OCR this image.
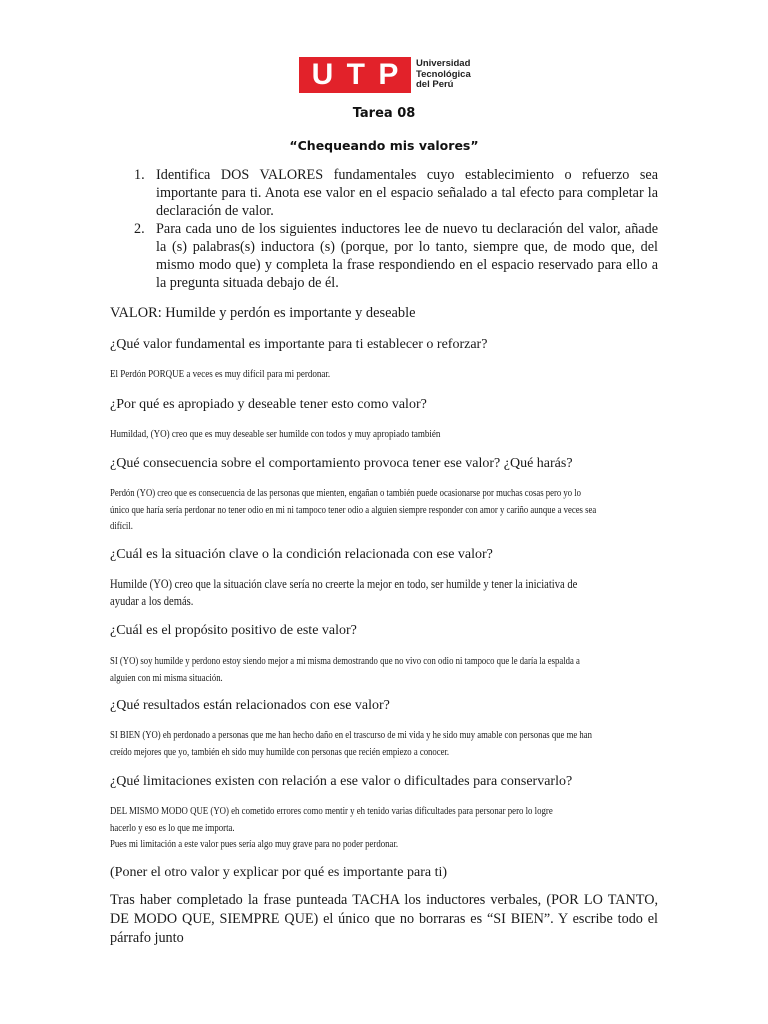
U T P Universidad
Tecnológica
del Perú
Tarea 08
“Chequeando mis valores”
1. Identifica DOS VALORES fundamentales cuyo establecimiento o refuerzo sea importante para ti. Anota ese valor en el espacio señalado a tal efecto para completar la declaración de valor.
2. Para cada uno de los siguientes inductores lee de nuevo tu declaración del valor, añade la (s) palabras(s) inductora (s) (porque, por lo tanto, siempre que, de modo que, del mismo modo que) y completa la frase respondiendo en el espacio reservado para ello a la pregunta situada debajo de él.
VALOR: Humilde y perdón es importante y deseable
¿Qué valor fundamental es importante para ti establecer o reforzar?
El Perdón PORQUE a veces es muy difícil para mi perdonar.
¿Por qué es apropiado y deseable tener esto como valor?
Humildad, (YO) creo que es muy deseable ser humilde con todos y muy apropiado también
¿Qué consecuencia sobre el comportamiento provoca tener ese valor? ¿Qué harás?
Perdón (YO) creo que es consecuencia de las personas que mienten, engañan o también puede ocasionarse por muchas cosas pero yo lo
único que haría sería perdonar no tener odio en mi ni tampoco tener odio a alguien siempre responder con amor y cariño aunque a veces sea
difícil.
¿Cuál es la situación clave o la condición relacionada con ese valor?
Humilde (YO) creo que la situación clave sería no creerte la mejor en todo, ser humilde y tener la iniciativa de
ayudar a los demás.
¿Cuál es el propósito positivo de este valor?
SI (YO) soy humilde y perdono estoy siendo mejor a mi misma demostrando que no vivo con odio ni tampoco que le daría la espalda a
alguien con mi misma situación.
¿Qué resultados están relacionados con ese valor?
SI BIEN (YO) eh perdonado a personas que me han hecho daño en el trascurso de mi vida y he sido muy amable con personas que me han
creído mejores que yo, también eh sido muy humilde con personas que recién empiezo a conocer.
¿Qué limitaciones existen con relación a ese valor o dificultades para conservarlo?
DEL MISMO MODO QUE (YO) eh cometido errores como mentir y eh tenido varias dificultades para personar pero lo logre
hacerlo y eso es lo que me importa.
Pues mi limitación a este valor pues sería algo muy grave para no poder perdonar.
(Poner el otro valor y explicar por qué es importante para ti)
Tras haber completado la frase punteada TACHA los inductores verbales, (POR LO TANTO, DE MODO QUE, SIEMPRE QUE) el único que no borraras es “SI BIEN”. Y escribe todo el párrafo junto
